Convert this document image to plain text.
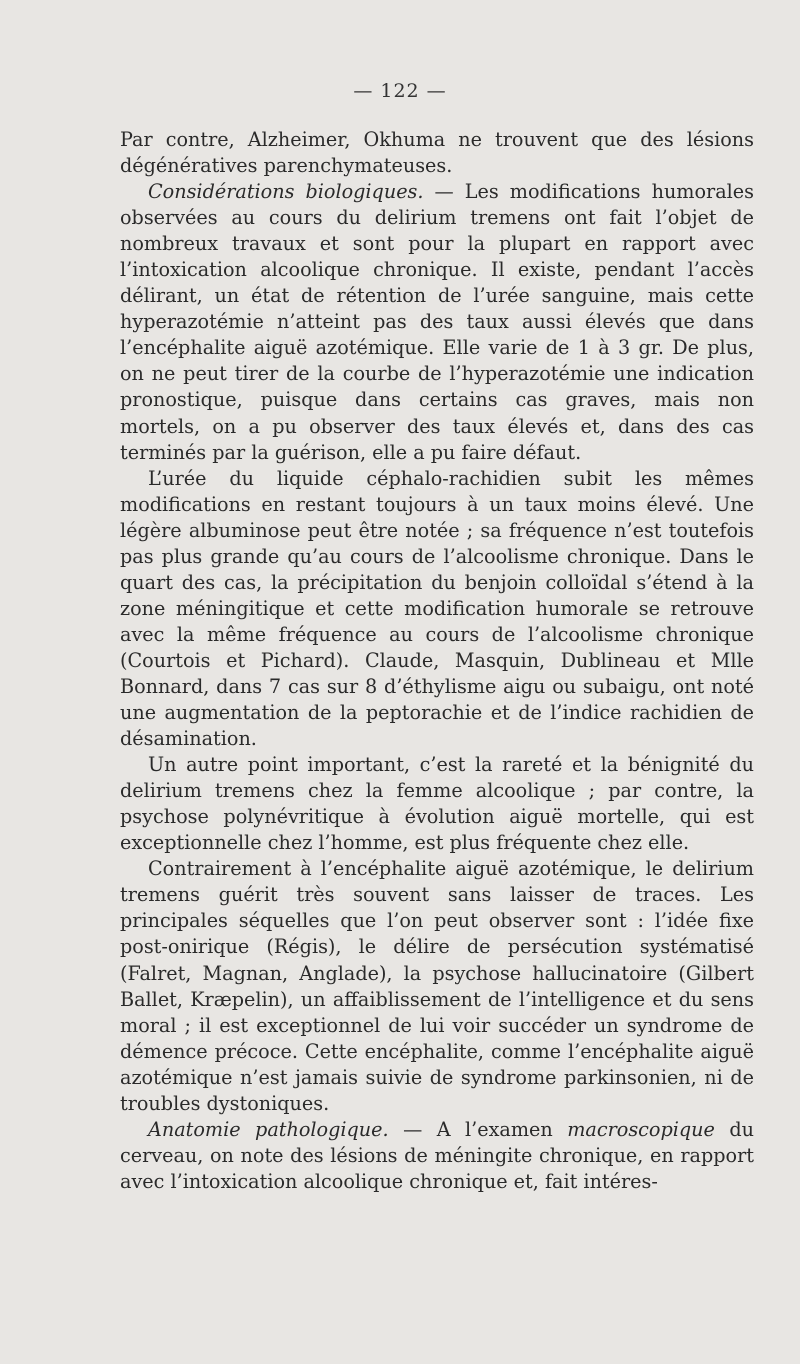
— 122 —

Par contre, Alzheimer, Okhuma ne trouvent que des lésions dégénératives parenchymateuses.

Considérations biologiques. — Les modifications humorales observées au cours du delirium tremens ont fait l’objet de nombreux travaux et sont pour la plupart en rapport avec l’intoxication alcoolique chronique. Il existe, pendant l’accès délirant, un état de rétention de l’urée sanguine, mais cette hyperazotémie n’atteint pas des taux aussi élevés que dans l’encéphalite aiguë azotémique. Elle varie de 1 à 3 gr. De plus, on ne peut tirer de la courbe de l’hyperazotémie une indication pronostique, puisque dans certains cas graves, mais non mortels, on a pu observer des taux élevés et, dans des cas terminés par la guérison, elle a pu faire défaut.

L’urée du liquide céphalo-rachidien subit les mêmes modifications en restant toujours à un taux moins élevé. Une légère albuminose peut être notée ; sa fréquence n’est toutefois pas plus grande qu’au cours de l’alcoolisme chronique. Dans le quart des cas, la précipitation du benjoin colloïdal s’étend à la zone méningitique et cette modification humorale se retrouve avec la même fréquence au cours de l’alcoolisme chronique (Courtois et Pichard). Claude, Masquin, Dublineau et Mlle Bonnard, dans 7 cas sur 8 d’éthylisme aigu ou subaigu, ont noté une augmentation de la peptorachie et de l’indice rachidien de désamination.

Un autre point important, c’est la rareté et la bénignité du delirium tremens chez la femme alcoolique ; par contre, la psychose polynévritique à évolution aiguë mortelle, qui est exceptionnelle chez l’homme, est plus fréquente chez elle.

Contrairement à l’encéphalite aiguë azotémique, le delirium tremens guérit très souvent sans laisser de traces. Les principales séquelles que l’on peut observer sont : l’idée fixe post-onirique (Régis), le délire de persécution systématisé (Falret, Magnan, Anglade), la psychose hallucinatoire (Gilbert Ballet, Kræpelin), un affaiblissement de l’intelligence et du sens moral ; il est exceptionnel de lui voir succéder un syndrome de démence précoce. Cette encéphalite, comme l’encéphalite aiguë azotémique n’est jamais suivie de syndrome parkinsonien, ni de troubles dystoniques.

Anatomie pathologique. — A l’examen macroscopique du cerveau, on note des lésions de méningite chronique, en rapport avec l’intoxication alcoolique chronique et, fait intéres-
